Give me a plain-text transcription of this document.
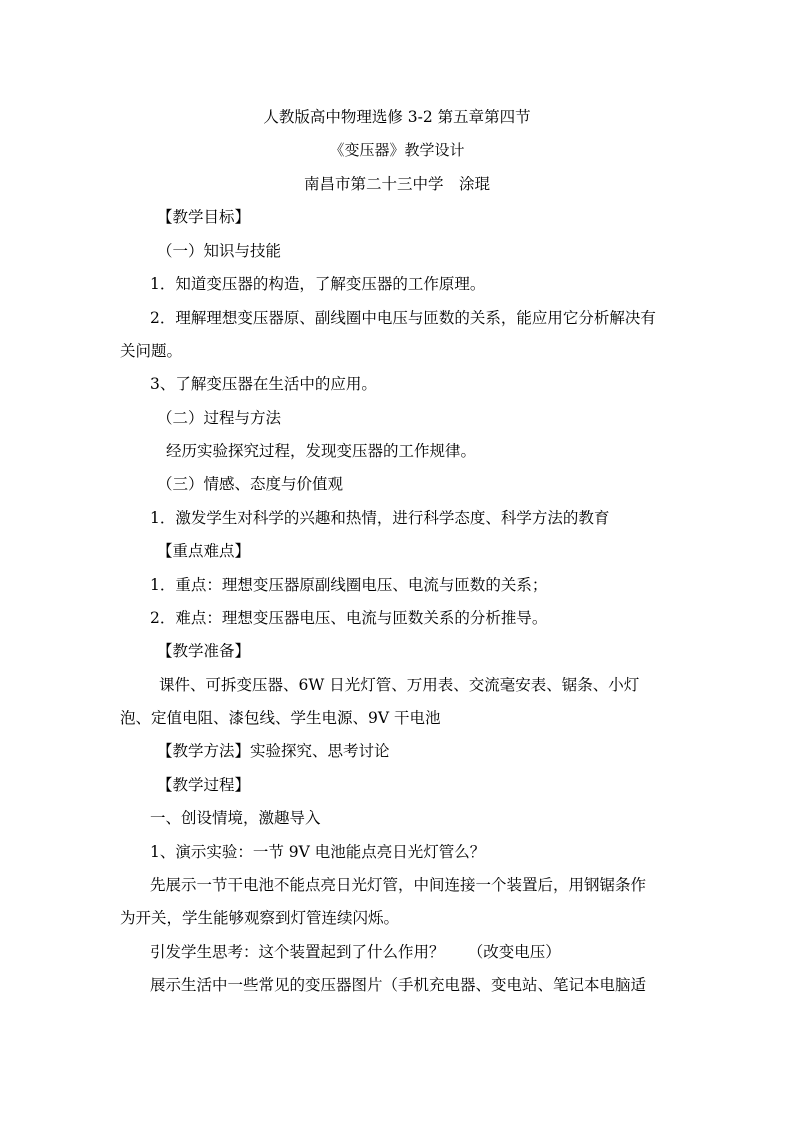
人教版高中物理选修 3-2 第五章第四节
《变压器》教学设计
南昌市第二十三中学　涂琨
【教学目标】
（一）知识与技能
1．知道变压器的构造，了解变压器的工作原理。
2．理解理想变压器原、副线圈中电压与匝数的关系，能应用它分析解决有
关问题。
3、了解变压器在生活中的应用。
（二）过程与方法
经历实验探究过程，发现变压器的工作规律。
（三）情感、态度与价值观
1．激发学生对科学的兴趣和热情，进行科学态度、科学方法的教育
【重点难点】
1．重点：理想变压器原副线圈电压、电流与匝数的关系；
2．难点：理想变压器电压、电流与匝数关系的分析推导。
【教学准备】
课件、可拆变压器、6W 日光灯管、万用表、交流毫安表、锯条、小灯
泡、定值电阻、漆包线、学生电源、9V 干电池
【教学方法】实验探究、思考讨论
【教学过程】
一、创设情境，激趣导入
1、演示实验：一节 9V 电池能点亮日光灯管么？
先展示一节干电池不能点亮日光灯管，中间连接一个装置后，用钢锯条作
为开关，学生能够观察到灯管连续闪烁。
引发学生思考：这个装置起到了什么作用？　　（改变电压）
展示生活中一些常见的变压器图片（手机充电器、变电站、笔记本电脑适
